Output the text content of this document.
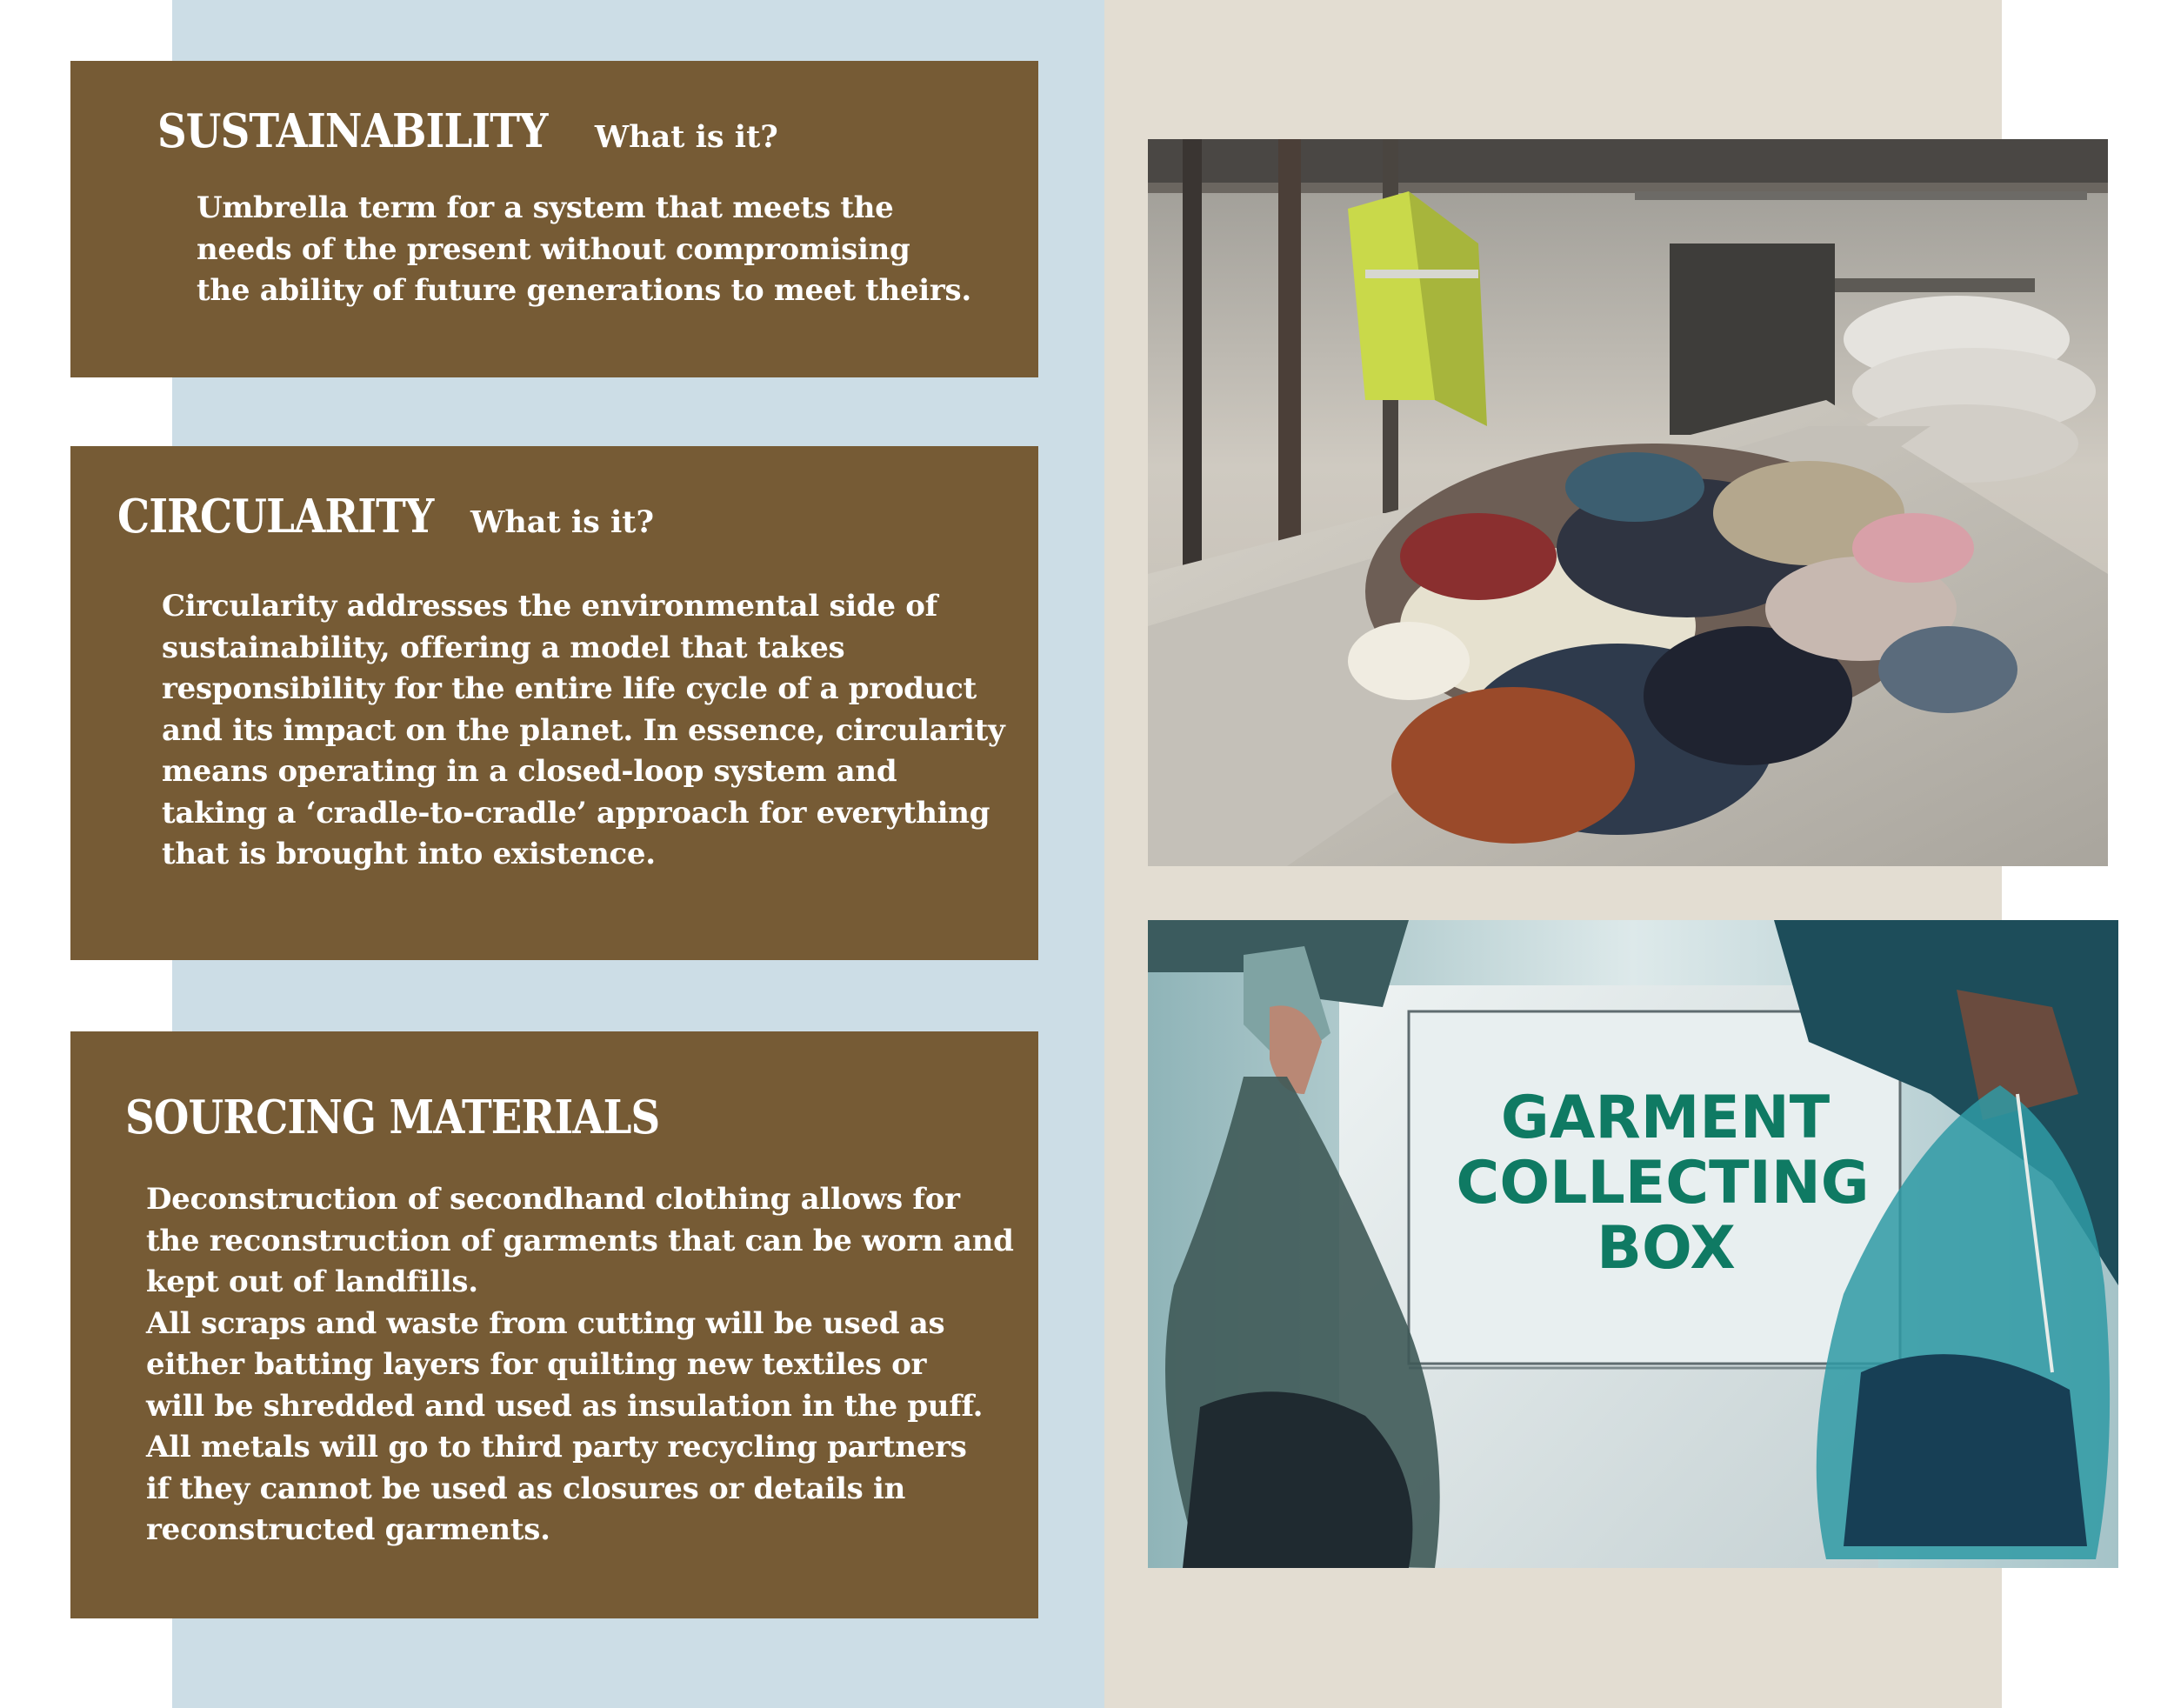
SUSTAINABILITY What is it?
Umbrella term for a system that meets the
needs of the present without compromising
the ability of future generations to meet theirs.
CIRCULARITY What is it?
Circularity addresses the environmental side of
sustainability, offering a model that takes
responsibility for the entire life cycle of a product
and its impact on the planet. In essence, circularity
means operating in a closed-loop system and
taking a ‘cradle-to-cradle’ approach for everything
that is brought into existence.
SOURCING MATERIALS
Deconstruction of secondhand clothing allows for
the reconstruction of garments that can be worn and
kept out of landfills.
All scraps and waste from cutting will be used as
either batting layers for quilting new textiles or
will be shredded and used as insulation in the puff.
All metals will go to third party recycling partners
if they cannot be used as closures or details in
reconstructed garments.
GARMENT
COLLECTING
BOX
